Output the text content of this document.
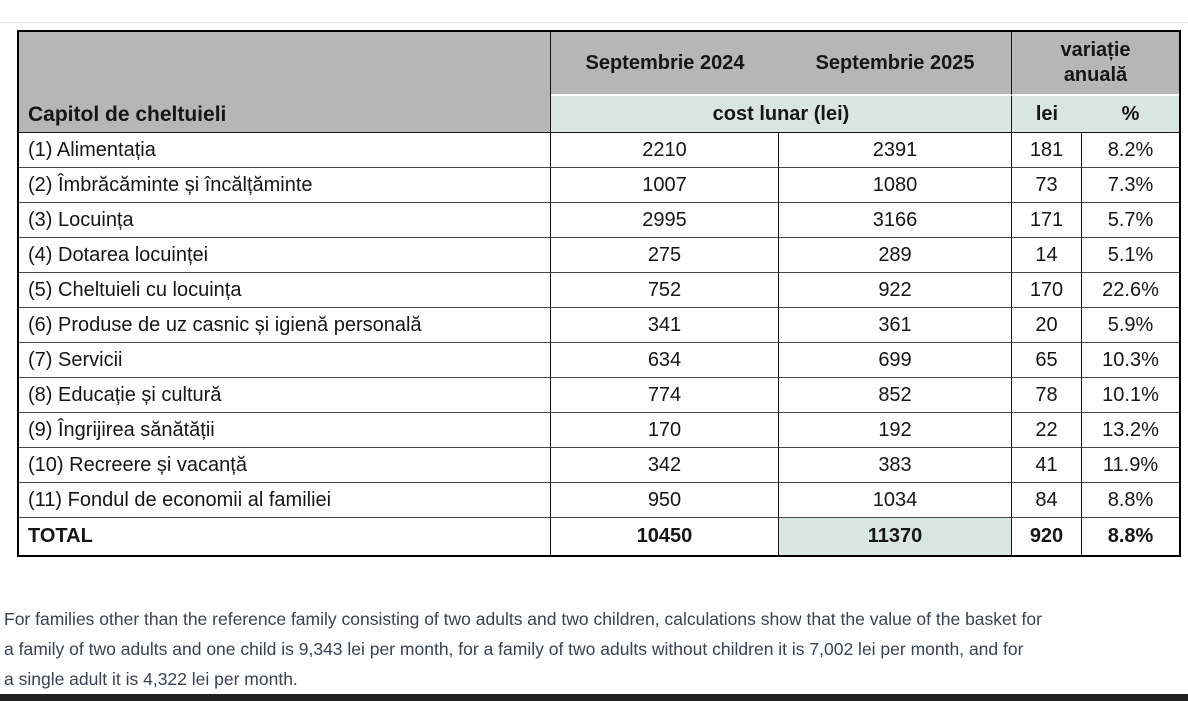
Capitol de cheltuieli	Septembrie 2024	Septembrie 2025	variație anuală	

	cost lunar (lei)		lei	%
(1) Alimentația	2210	2391	181	8.2%
(2) Îmbrăcăminte și încălțăminte	1007	1080	73	7.3%
(3) Locuința	2995	3166	171	5.7%
(4) Dotarea locuinței	275	289	14	5.1%
(5) Cheltuieli cu locuința	752	922	170	22.6%
(6) Produse de uz casnic și igienă personală	341	361	20	5.9%
(7) Servicii	634	699	65	10.3%
(8) Educație și cultură	774	852	78	10.1%
(9) Îngrijirea sănătății	170	192	22	13.2%
(10) Recreere și vacanță	342	383	41	11.9%
(11) Fondul de economii al familiei	950	1034	84	8.8%
TOTAL	10450	11370	920	8.8%
For families other than the reference family consisting of two adults and two children, calculations show that the value of the basket for
a family of two adults and one child is 9,343 lei per month, for a family of two adults without children it is 7,002 lei per month, and for
a single adult it is 4,322 lei per month.
